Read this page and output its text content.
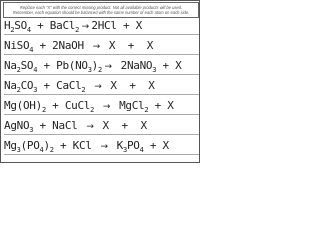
Replace each "X" with the correct missing product. Not all available products will be used.
Remember, each equation should be balanced with the same number of each atom on each side.
$H_2SO_4$ + BaCl$_2$ → 2HCl + X
NiSO$_4$ + 2NaOH  →  X  +  X
$Na_2SO_4 + Pb(NO_3)_2$ →  2NaNO$_3$ + X
$Na_2CO_3$ + CaCl$_2$  →  X  +  X
$Mg(OH)_2$ + CuCl$_2$  →  MgCl$_2$ + X
AgNO$_3$ + NaCl  →  X  +  X
$Mg_3(PO_4)_2$ + KCl  →  $K_3PO_4 + X$
